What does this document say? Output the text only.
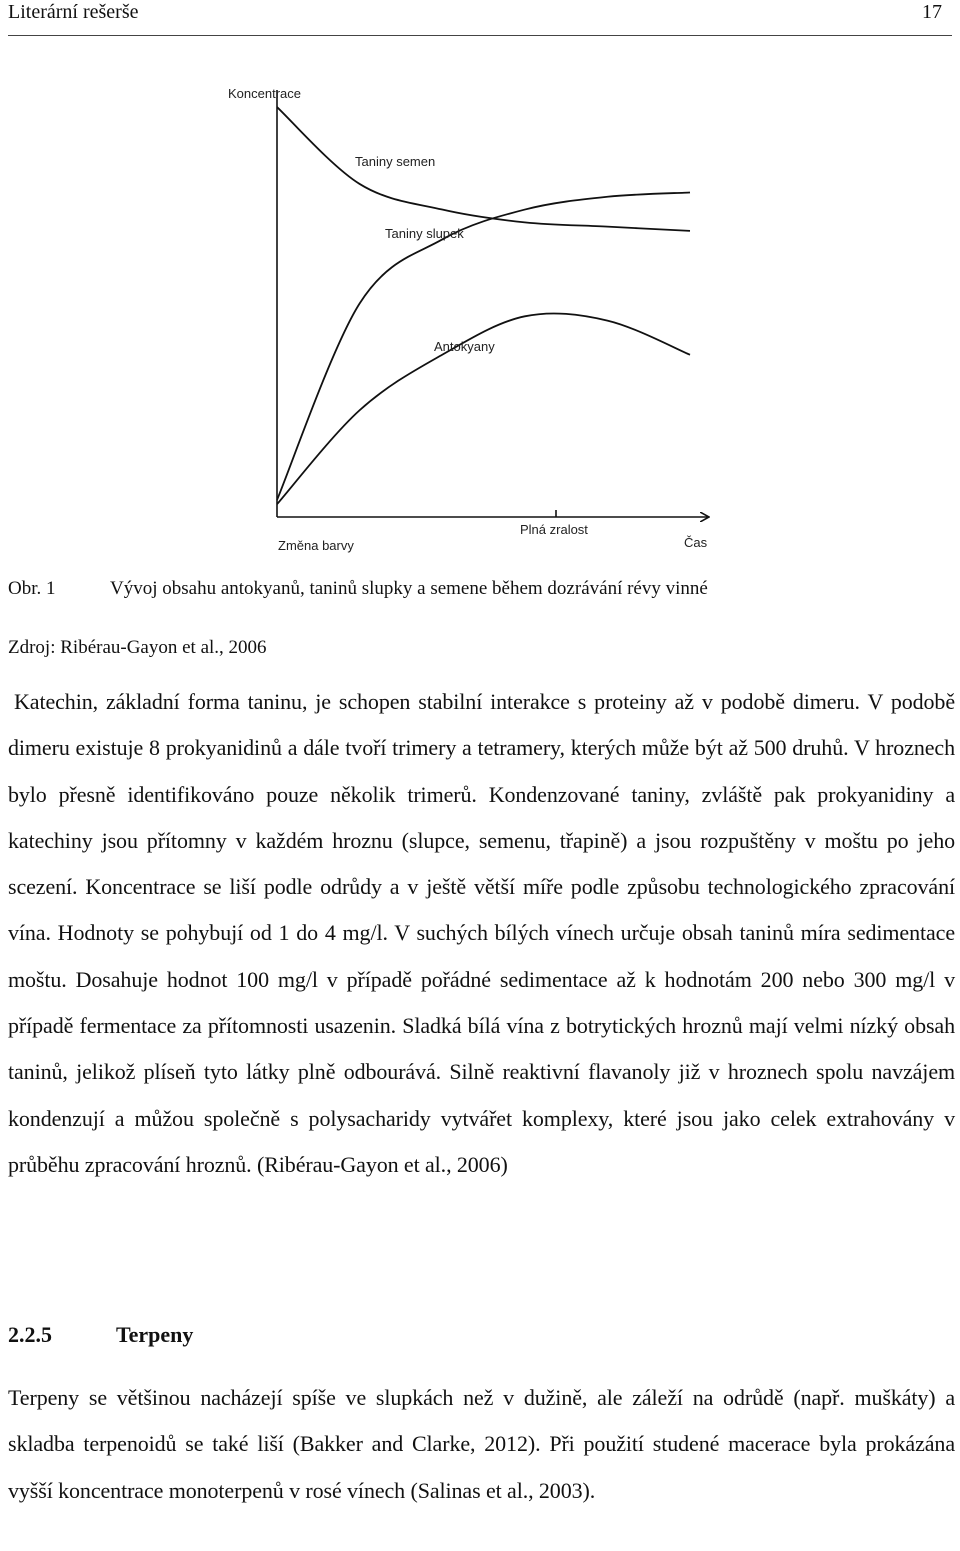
Literární rešerše	17
Koncentrace
Čas
Změna barvy
Plná zralost
Taniny semen
Taniny slupek
Antokyany
Obr. 1	Vývoj obsahu antokyanů, taninů slupky a semene během dozrávání révy vinné
Zdroj: Ribérau-Gayon et al., 2006

Katechin, základní forma taninu, je schopen stabilní interakce s proteiny až v podobě dimeru. V podobě dimeru existuje 8 prokyanidinů a dále tvoří trimery a tetramery, kterých může být až 500 druhů. V hroznech bylo přesně identifikováno pouze několik trimerů. Kondenzované taniny, zvláště pak prokyanidiny a katechiny jsou přítomny v každém hroznu (slupce, semenu, třapině) a jsou rozpuštěny v moštu po jeho scezení. Koncentrace se liší podle odrůdy a v ještě větší míře podle způsobu technologického zpracování vína. Hodnoty se pohybují od 1 do 4 mg/l. V suchých bílých vínech určuje obsah taninů míra sedimentace moštu. Dosahuje hodnot 100 mg/l v případě pořádné sedimentace až k hodnotám 200 nebo 300 mg/l v případě fermentace za přítomnosti usazenin. Sladká bílá vína z botrytických hroznů mají velmi nízký obsah taninů, jelikož plíseň tyto látky plně odbourává. Silně reaktivní flavanoly již v hroznech spolu navzájem kondenzují a můžou společně s polysacharidy vytvářet komplexy, které jsou jako celek extrahovány v průběhu zpracování hroznů. (Ribérau-Gayon et al., 2006)

2.2.5	Terpeny

Terpeny se většinou nacházejí spíše ve slupkách než v dužině, ale záleží na odrůdě (např. muškáty) a skladba terpenoidů se také liší (Bakker and Clarke, 2012). Při použití studené macerace byla prokázána vyšší koncentrace monoterpenů v rosé vínech (Salinas et al., 2003).
